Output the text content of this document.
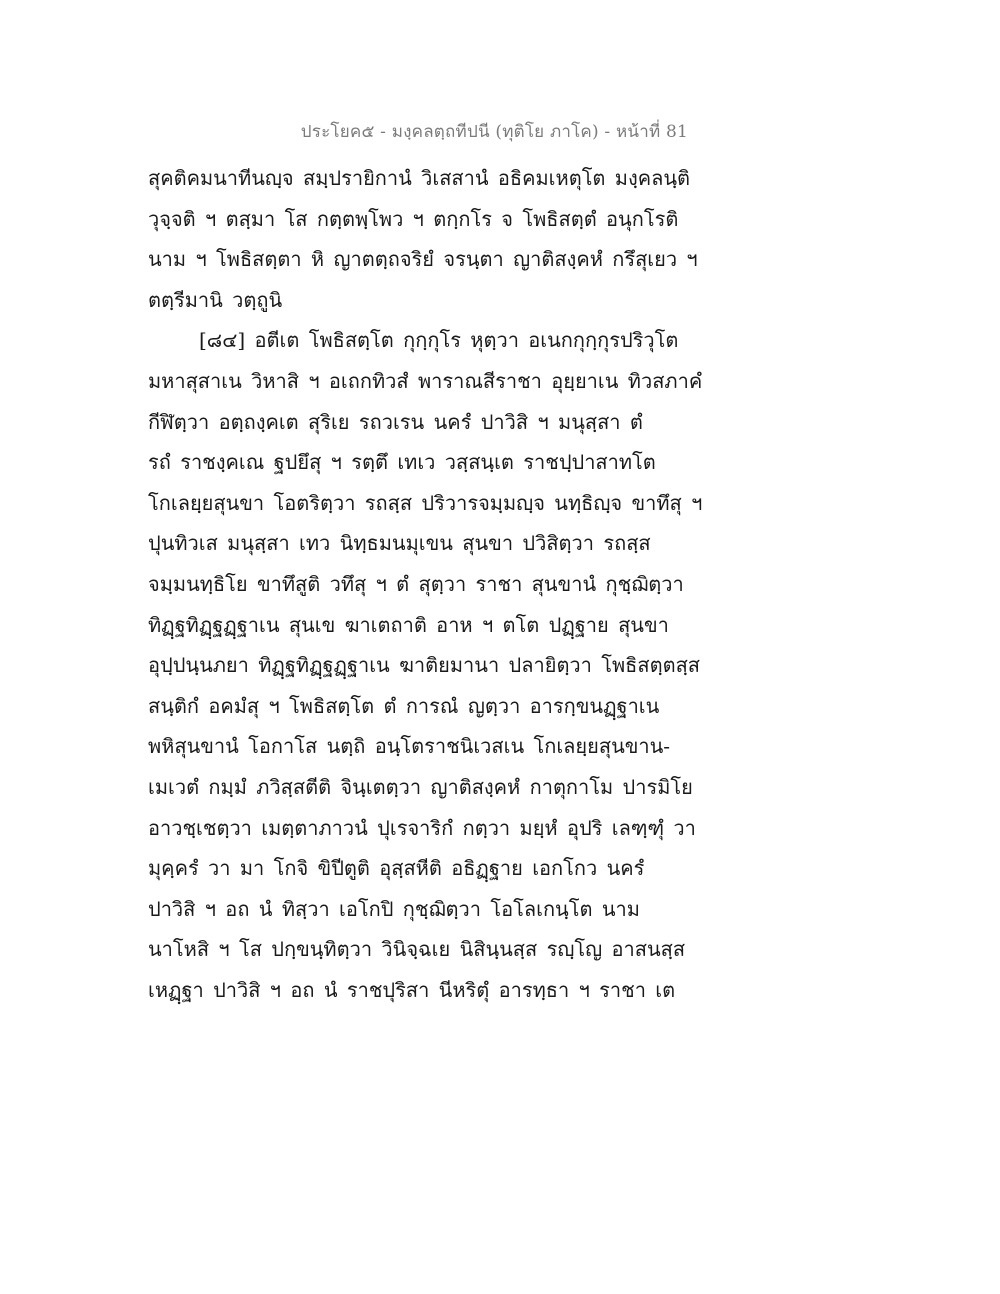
ประโยค๕ - มงฺคลตฺถทีปนี (ทุติโย ภาโค) - หน้าที่ 81
สุคติคมนาทีนญฺจ สมฺปรายิกานํ วิเสสานํ อธิคมเหตุโต มงฺคลนฺติ
วุจฺจติ ฯ ตสฺมา โส กตฺตพฺโพว ฯ ตกฺกโร จ โพธิสตฺตํ อนุกโรติ
นาม ฯ โพธิสตฺตา หิ ญาตตฺถจริยํ จรนฺตา ญาติสงฺคหํ กรึสุเยว ฯ
ตตฺรีมานิ วตฺถูนิ
[๘๔] อตีเต โพธิสตฺโต กุกฺกุโร หุตฺวา อเนกกุกฺกุรปริวุโต
มหาสุสาเน วิหาสิ ฯ อเถกทิวสํ พาราณสีราชา อุยฺยาเน ทิวสภาคํ
กีฬิตฺวา อตฺถงฺคเต สุริเย รถวเรน นครํ ปาวิสิ ฯ มนุสฺสา ตํ
รถํ ราชงฺคเณ ฐปยึสุ ฯ รตฺตึ เทเว วสฺสนฺเต ราชปฺปาสาทโต
โกเลยฺยสุนขา โอตริตฺวา รถสฺส ปริวารจมฺมญฺจ นทฺธิญฺจ ขาทึสุ ฯ
ปุนทิวเส มนุสฺสา เทว นิทฺธมนมุเขน สุนขา ปวิสิตฺวา รถสฺส
จมฺมนทฺธิโย ขาทึสูติ วทึสุ ฯ ตํ สุตฺวา ราชา สุนขานํ กุชฺฌิตฺวา
ทิฏฺฐทิฏฺฐฏฺฐาเน สุนเข ฆาเตถาติ อาห ฯ ตโต ปฏฺฐาย สุนขา
อุปฺปนฺนภยา ทิฏฺฐทิฏฺฐฏฺฐาเน ฆาติยมานา ปลายิตฺวา โพธิสตฺตสฺส
สนฺติกํ อคมํสุ ฯ โพธิสตฺโต ตํ การณํ ญตฺวา อารกฺขนฏฺฐาเน
พหิสุนขานํ โอกาโส นตฺถิ อนฺโตราชนิเวสเน โกเลยฺยสุนขาน-
เมเวตํ กมฺมํ ภวิสฺสตีติ จินฺเตตฺวา ญาติสงฺคหํ กาตุกาโม ปารมิโย
อาวชฺเชตฺวา เมตฺตาภาวนํ ปุเรจาริกํ กตฺวา มยฺหํ อุปริ เลฑฺฑุํ วา
มุคฺครํ วา มา โกจิ ขิปีตูติ อุสฺสหีติ อธิฏฺฐาย เอกโกว นครํ
ปาวิสิ ฯ อถ นํ ทิสฺวา เอโกปิ กุชฺฌิตฺวา โอโลเกนฺโต นาม
นาโหสิ ฯ โส ปกฺขนฺทิตฺวา วินิจฺฉเย นิสินฺนสฺส รญฺโญ อาสนสฺส
เหฏฺฐา ปาวิสิ ฯ อถ นํ ราชปุริสา นีหริตุํ อารทฺธา ฯ ราชา เต
